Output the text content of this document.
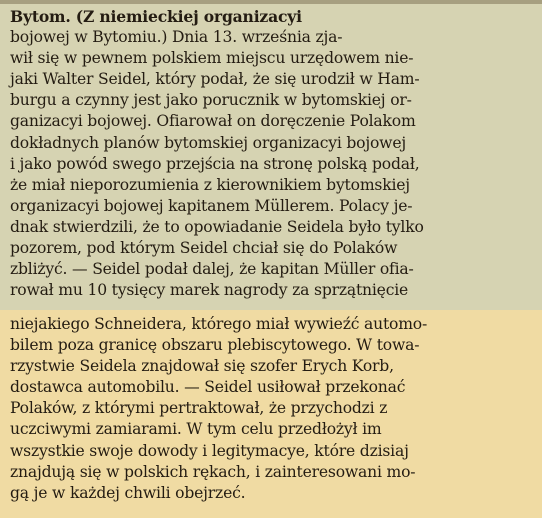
Bytom. (Z niemieckiej organizacyi
bojowej w Bytomiu.) Dnia 13. września zja-
wił się w pewnem polskiem miejscu urzędowem nie-
jaki Walter Seidel, który podał, że się urodził w Ham-
burgu a czynny jest jako porucznik w bytomskiej or-
ganizacyi bojowej. Ofiarował on doręczenie Polakom
dokładnych planów bytomskiej organizacyi bojowej
i jako powód swego przejścia na stronę polską podał,
że miał nieporozumienia z kierownikiem bytomskiej
organizacyi bojowej kapitanem Müllerem. Polacy je-
dnak stwierdzili, że to opowiadanie Seidela było tylko
pozorem, pod którym Seidel chciał się do Polaków
zbliżyć. — Seidel podał dalej, że kapitan Müller ofia-
rował mu 10 tysięcy marek nagrody za sprzątnięcie
niejakiego Schneidera, którego miał wywieźć automo-
bilem poza granicę obszaru plebiscytowego. W towa-
rzystwie Seidela znajdował się szofer Erych Korb,
dostawca automobilu. — Seidel usiłował przekonać
Polaków, z którymi pertraktował, że przychodzi z
uczciwymi zamiarami. W tym celu przedłożył im
wszystkie swoje dowody i legitymacye, które dzisiaj
znajdują się w polskich rękach, i zainteresowani mo-
gą je w każdej chwili obejrzeć.
